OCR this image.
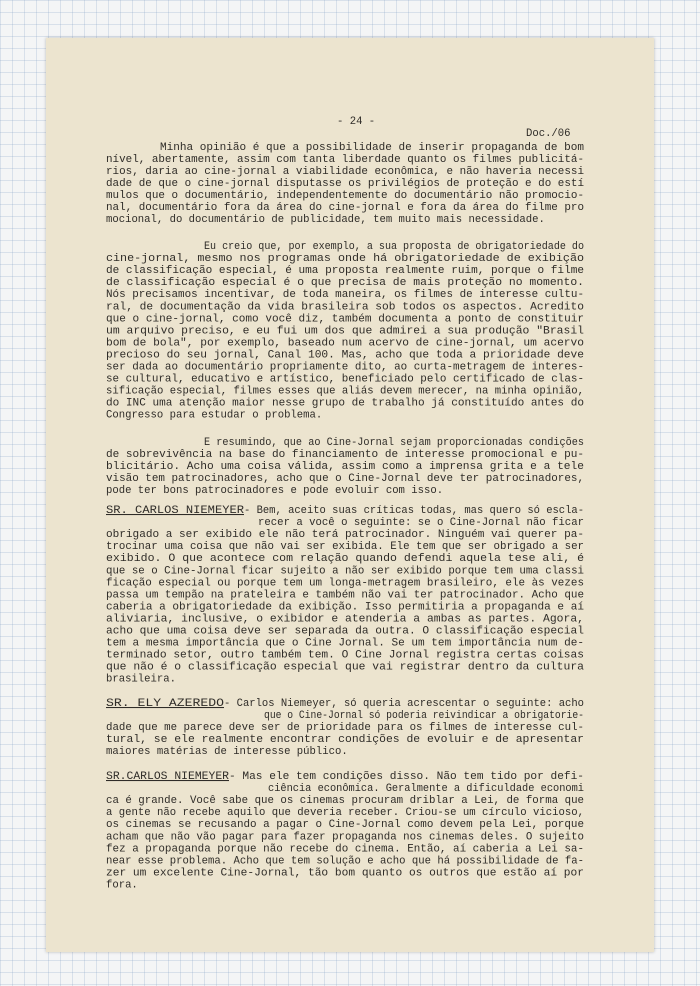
- 24 -
Doc./06
Minha opinião é que a possibilidade de inserir propaganda de bom
nível, abertamente, assim com tanta liberdade quanto os filmes publicitá-
rios, daria ao cine-jornal a viabilidade econômica, e não haveria necessi
dade de que o cine-jornal disputasse os privilégios de proteção e do estí
mulos que o documentário, independentemente do documentário não promocio-
nal, documentário fora da área do cine-jornal e fora da área do filme pro
mocional, do documentário de publicidade, tem muito mais necessidade.
Eu creio que, por exemplo, a sua proposta de obrigatoriedade do
cine-jornal, mesmo nos programas onde há obrigatoriedade de exibição
de classificação especial, é uma proposta realmente ruim, porque o filme
de classificação especial é o que precisa de mais proteção no momento.
Nós precisamos incentivar, de toda maneira, os filmes de interesse cultu-
ral, de documentação da vida brasileira sob todos os aspectos. Acredito
que o cine-jornal, como você diz, também documenta a ponto de constituir
um arquivo preciso, e eu fui um dos que admirei a sua produção "Brasil
bom de bola", por exemplo, baseado num acervo de cine-jornal, um acervo
precioso do seu jornal, Canal 100. Mas, acho que toda a prioridade deve
ser dada ao documentário propriamente dito, ao curta-metragem de interes-
se cultural, educativo e artístico, beneficiado pelo certificado de clas-
sificação especial, filmes esses que aliás devem merecer, na minha opinião,
do INC uma atenção maior nesse grupo de trabalho já constituído antes do
Congresso para estudar o problema.
E resumindo, que ao Cine-Jornal sejam proporcionadas condições
de sobrevivência na base do financiamento de interesse promocional e pu-
blicitário. Acho uma coisa válida, assim como a imprensa grita e a tele
visão tem patrocinadores, acho que o Cine-Jornal deve ter patrocinadores,
pode ter bons patrocinadores e pode evoluir com isso.
SR. CARLOS NIEMEYER - Bem, aceito suas críticas todas, mas quero só escla-
recer a você o seguinte: se o Cine-Jornal não ficar
obrigado a ser exibido ele não terá patrocinador. Ninguém vai querer pa-
trocinar uma coisa que não vai ser exibida. Ele tem que ser obrigado a ser
exibido. O que acontece com relação quando defendi aquela tese ali, é
que se o Cine-Jornal ficar sujeito a não ser exibido porque tem uma classi
ficação especial ou porque tem um longa-metragem brasileiro, ele às vezes
passa um tempão na prateleira e também não vai ter patrocinador. Acho que
caberia a obrigatoriedade da exibição. Isso permitiria a propaganda e aí
aliviaria, inclusive, o exibidor e atenderia a ambas as partes. Agora,
acho que uma coisa deve ser separada da outra. O classificação especial
tem a mesma importância que o Cine Jornal. Se um tem importância num de-
terminado setor, outro também tem. O Cine Jornal registra certas coisas
que não é o classificação especial que vai registrar dentro da cultura
brasileira.
SR. ELY AZEREDO - Carlos Niemeyer, só queria acrescentar o seguinte: acho
que o Cine-Jornal só poderia reivindicar a obrigatorie-
dade que me parece deve ser de prioridade para os filmes de interesse cul-
tural, se ele realmente encontrar condições de evoluir e de apresentar
maiores matérias de interesse público.
SR.CARLOS NIEMEYER - Mas ele tem condições disso. Não tem tido por defi-
ciência econômica. Geralmente a dificuldade economi
ca é grande. Você sabe que os cinemas procuram driblar a Lei, de forma que
a gente não recebe aquilo que deveria receber. Criou-se um círculo vicioso,
os cinemas se recusando a pagar o Cine-Jornal como devem pela Lei, porque
acham que não vão pagar para fazer propaganda nos cinemas deles. O sujeito
fez a propaganda porque não recebe do cinema. Então, aí caberia a Lei sa-
near esse problema. Acho que tem solução e acho que há possibilidade de fa-
zer um excelente Cine-Jornal, tão bom quanto os outros que estão aí por
fora.
